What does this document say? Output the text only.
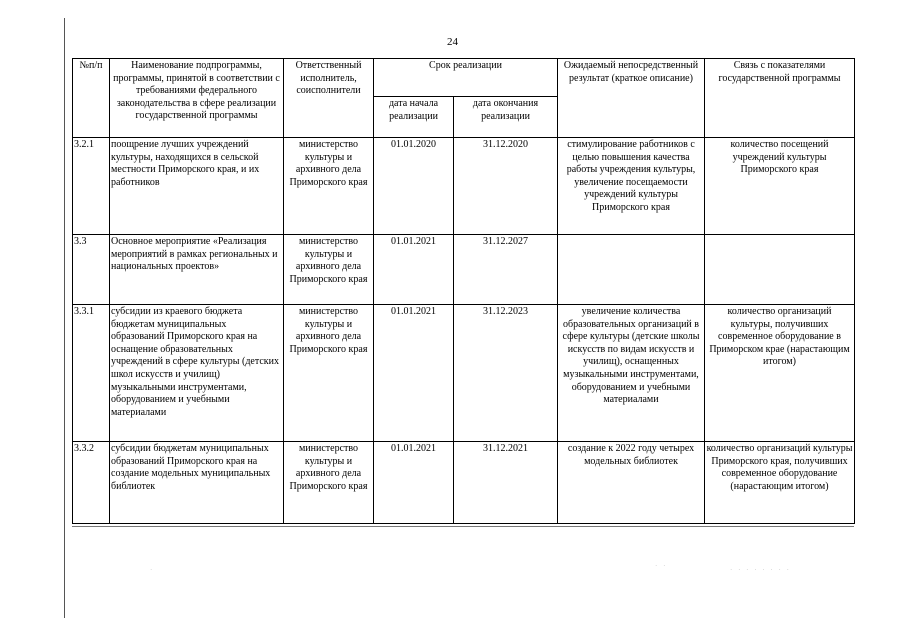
24
№п/п	Наименование подпрограммы, программы, принятой в соответствии с требованиями федерального законодательства в сфере реализации государственной программы	Ответственный исполнитель, соисполнители	Срок реализации		Ожидаемый непосредственный результат (краткое описание)	Связь с показателями государственной программы
			дата начала реализации	дата окончания реализации		
3.2.1	поощрение лучших учреждений культуры, находящихся в сельской местности Приморского края, и их работников	министерство культуры и архивного дела Приморского края	01.01.2020	31.12.2020	стимулирование работников с целью повышения качества работы учреждения культуры, увеличение посещаемости учреждений культуры Приморского края	количество посещений учреждений культуры Приморского края
3.3	Основное мероприятие «Реализация мероприятий в рамках региональных и национальных проектов»	министерство культуры и архивного дела Приморского края	01.01.2021	31.12.2027		
3.3.1	субсидии из краевого бюджета бюджетам муниципальных образований Приморского края на оснащение образовательных учреждений в сфере культуры (детских школ искусств и училищ) музыкальными инструментами, оборудованием и учебными материалами	министерство культуры и архивного дела Приморского края	01.01.2021	31.12.2023	увеличение количества образовательных организаций в сфере культуры (детские школы искусств по видам искусств и училищ), оснащенных музыкальными инструментами, оборудованием и учебными материалами	количество организаций культуры, получивших современное оборудование в Приморском крае (нарастающим итогом)
3.3.2	субсидии бюджетам муниципальных образований Приморского края на создание модельных муниципальных библиотек	министерство культуры и архивного дела Приморского края	01.01.2021	31.12.2021	создание к 2022 году четырех модельных библиотек	количество организаций культуры Приморского края, получивших современное оборудование (нарастающим итогом)
·	· ·	· · · · · · · ·
